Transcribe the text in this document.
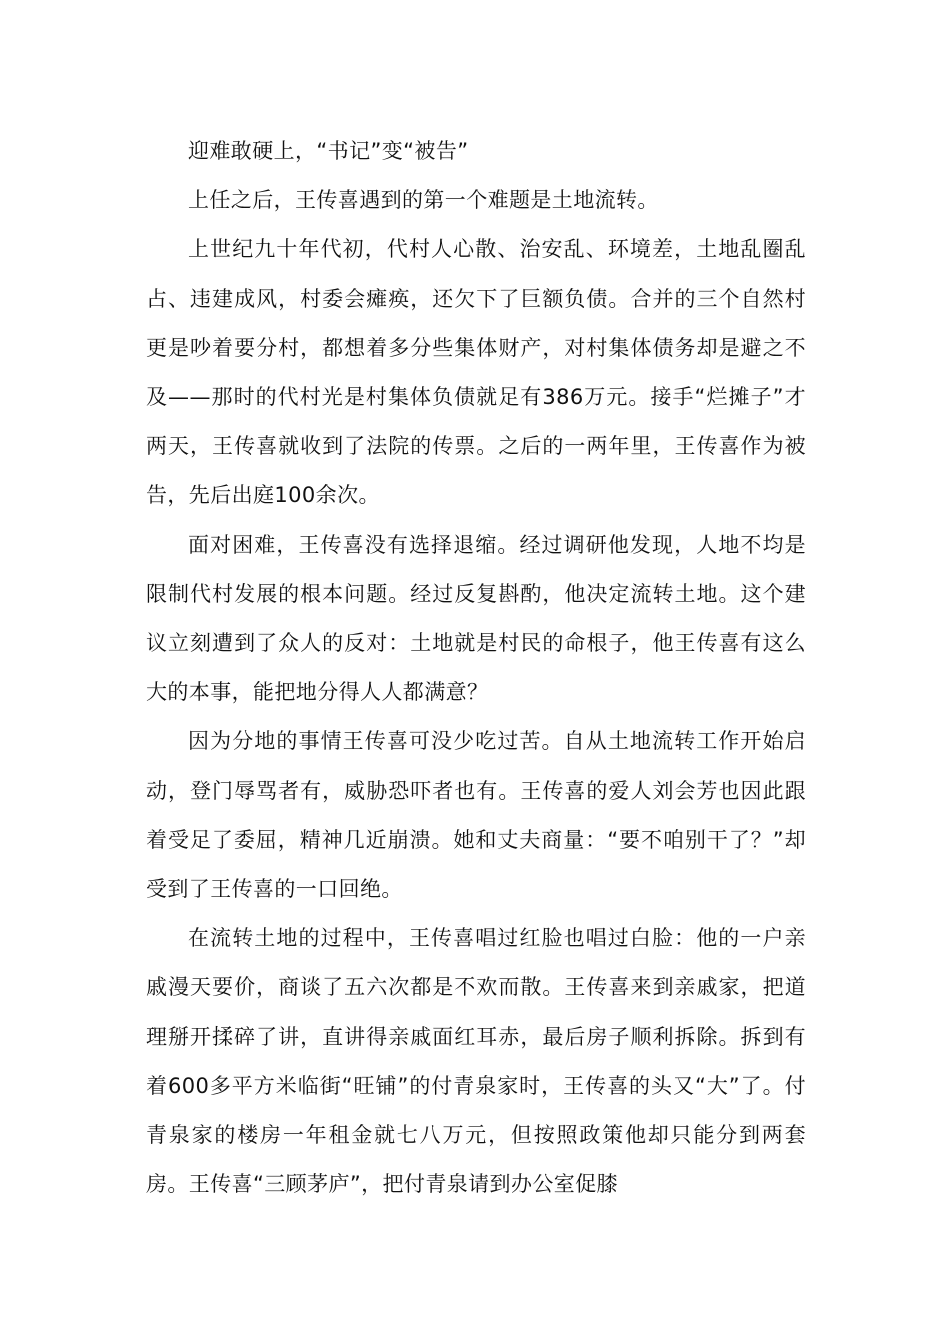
迎难敢硬上，“书记”变“被告”

上任之后，王传喜遇到的第一个难题是土地流转。

上世纪九十年代初，代村人心散、治安乱、环境差，土地乱圈乱占、违建成风，村委会瘫痪，还欠下了巨额负债。合并的三个自然村更是吵着要分村，都想着多分些集体财产，对村集体债务却是避之不及——那时的代村光是村集体负债就足有386万元。接手“烂摊子”才两天，王传喜就收到了法院的传票。之后的一两年里，王传喜作为被告，先后出庭100余次。

面对困难，王传喜没有选择退缩。经过调研他发现，人地不均是限制代村发展的根本问题。经过反复斟酌，他决定流转土地。这个建议立刻遭到了众人的反对：土地就是村民的命根子，他王传喜有这么大的本事，能把地分得人人都满意？

因为分地的事情王传喜可没少吃过苦。自从土地流转工作开始启动，登门辱骂者有，威胁恐吓者也有。王传喜的爱人刘会芳也因此跟着受足了委屈，精神几近崩溃。她和丈夫商量：“要不咱别干了？”却受到了王传喜的一口回绝。

在流转土地的过程中，王传喜唱过红脸也唱过白脸：他的一户亲戚漫天要价，商谈了五六次都是不欢而散。王传喜来到亲戚家，把道理掰开揉碎了讲，直讲得亲戚面红耳赤，最后房子顺利拆除。拆到有着600多平方米临街“旺铺”的付青泉家时，王传喜的头又“大”了。付青泉家的楼房一年租金就七八万元，但按照政策他却只能分到两套房。王传喜“三顾茅庐”，把付青泉请到办公室促膝
